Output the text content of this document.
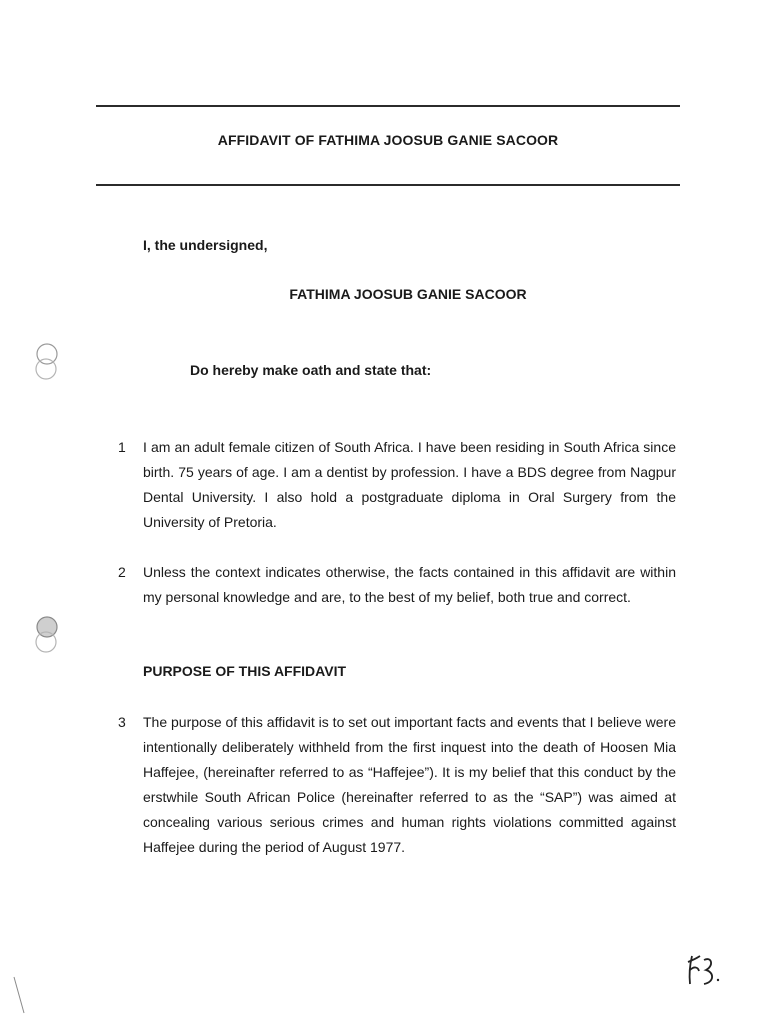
AFFIDAVIT OF FATHIMA JOOSUB GANIE SACOOR
I, the undersigned,
FATHIMA JOOSUB GANIE SACOOR
Do hereby make oath and state that:
1 I am an adult female citizen of South Africa. I have been residing in South Africa since birth. 75 years of age. I am a dentist by profession. I have a BDS degree from Nagpur Dental University. I also hold a postgraduate diploma in Oral Surgery from the University of Pretoria.
2 Unless the context indicates otherwise, the facts contained in this affidavit are within my personal knowledge and are, to the best of my belief, both true and correct.
PURPOSE OF THIS AFFIDAVIT
3 The purpose of this affidavit is to set out important facts and events that I believe were intentionally deliberately withheld from the first inquest into the death of Hoosen Mia Haffejee, (hereinafter referred to as “Haffejee”). It is my belief that this conduct by the erstwhile South African Police (hereinafter referred to as the “SAP”) was aimed at concealing various serious crimes and human rights violations committed against Haffejee during the period of August 1977.
